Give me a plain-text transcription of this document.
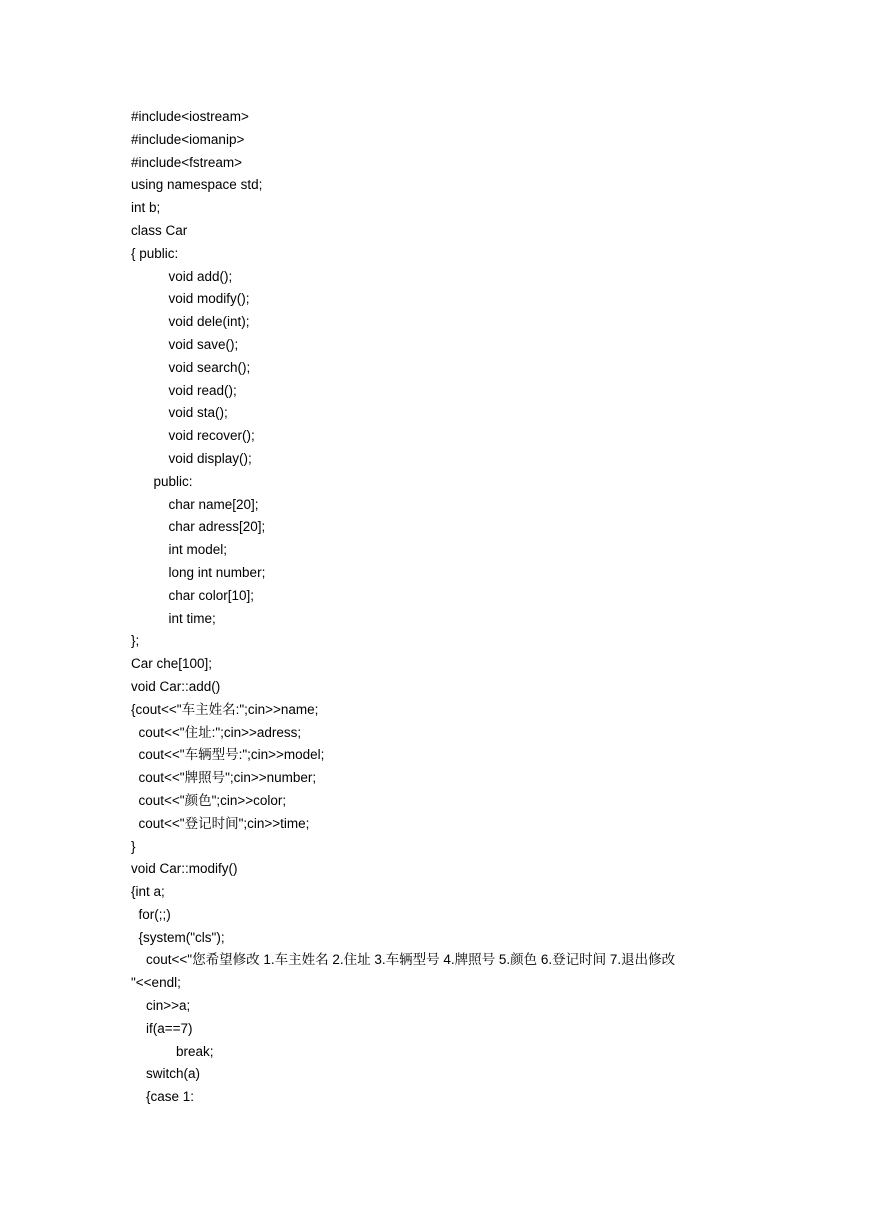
#include<iostream>
#include<iomanip>
#include<fstream>
using namespace std;
int b;
class Car
{ public:
void add();
void modify();
void dele(int);
void save();
void search();
void read();
void sta();
void recover();
void display();
public:
char name[20];
char adress[20];
int model;
long int number;
char color[10];
int time;
};
Car che[100];
void Car::add()
{cout<<"车主姓名:";cin>>name;
cout<<"住址:";cin>>adress;
cout<<"车辆型号:";cin>>model;
cout<<"牌照号";cin>>number;
cout<<"颜色";cin>>color;
cout<<"登记时间";cin>>time;
}
void Car::modify()
{int a;
for(;;)
{system("cls");
cout<<"您希望修改 1.车主姓名 2.住址 3.车辆型号 4.牌照号 5.颜色 6.登记时间 7.退出修改
"<<endl;
cin>>a;
if(a==7)
break;
switch(a)
{case 1:
